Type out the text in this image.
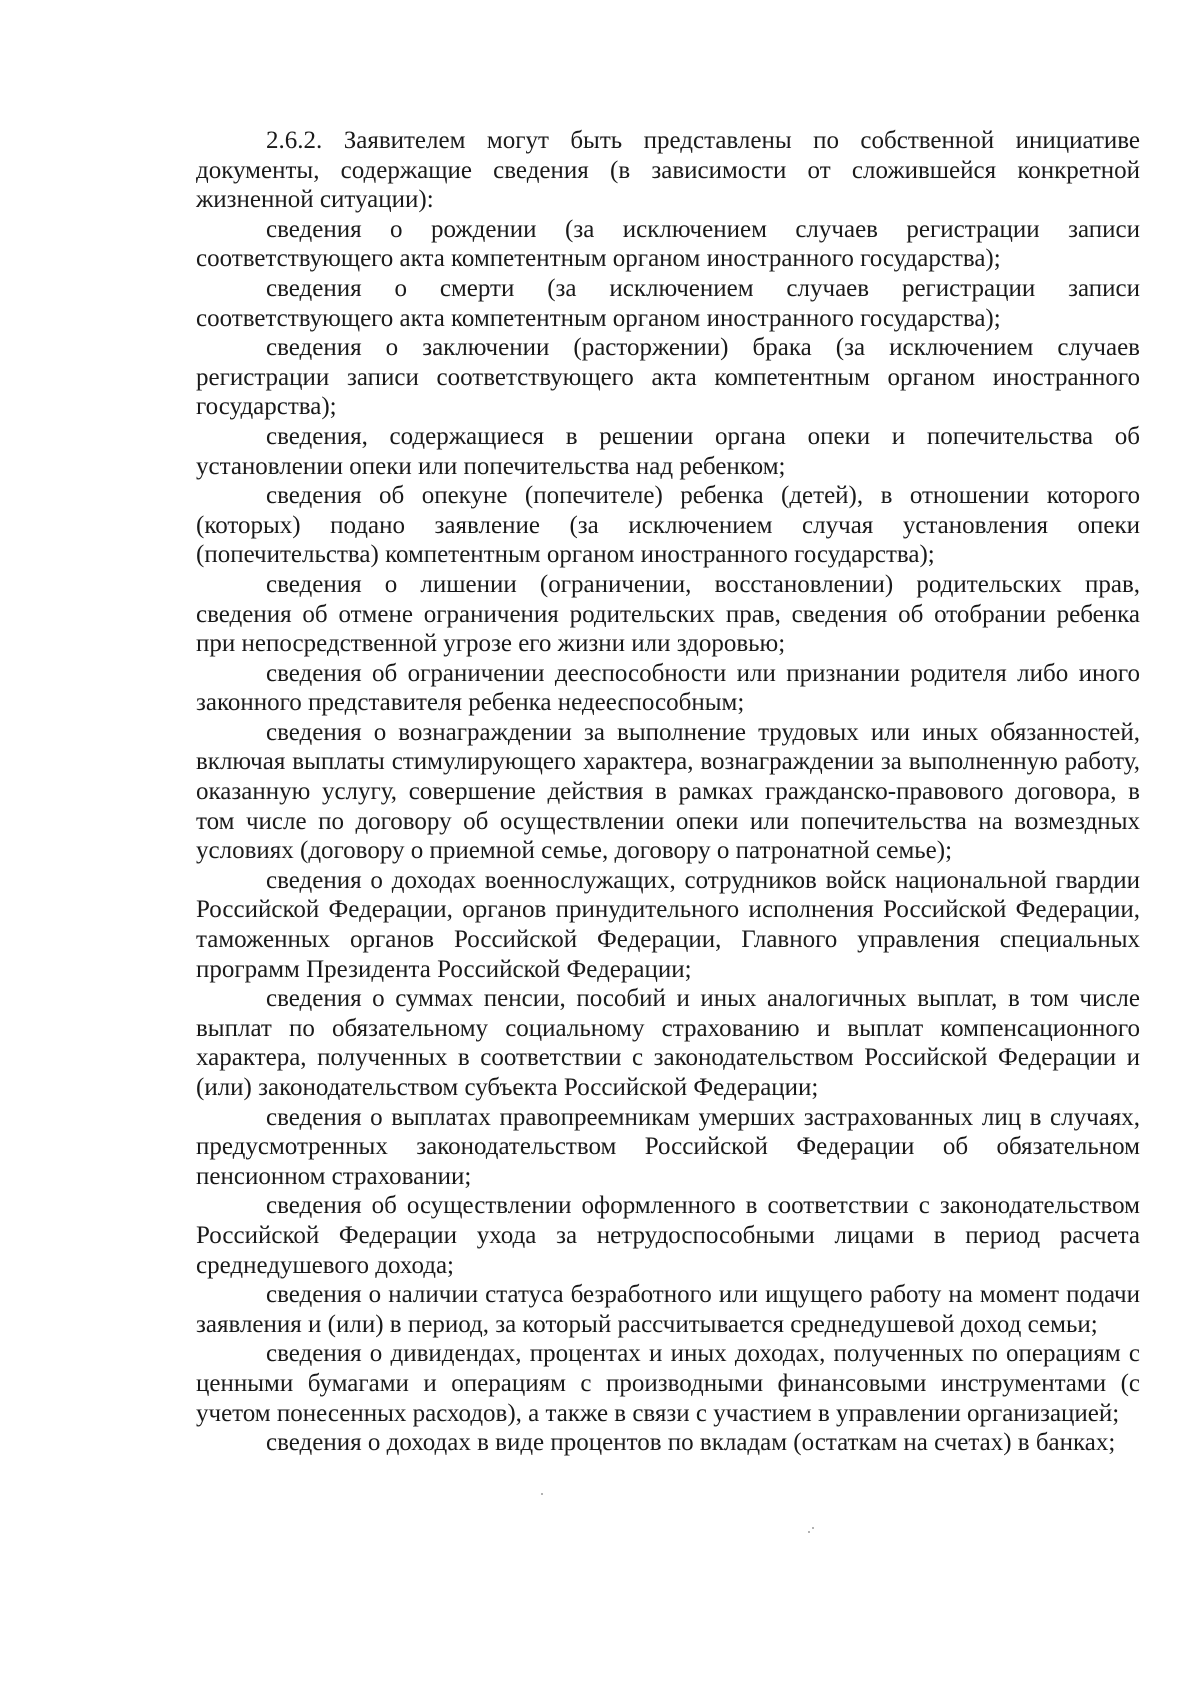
2.6.2. Заявителем могут быть представлены по собственной инициативе документы, содержащие сведения (в зависимости от сложившейся конкретной жизненной ситуации):

сведения о рождении (за исключением случаев регистрации записи соответствующего акта компетентным органом иностранного государства);

сведения о смерти (за исключением случаев регистрации записи соответствующего акта компетентным органом иностранного государства);

сведения о заключении (расторжении) брака (за исключением случаев регистрации записи соответствующего акта компетентным органом иностранного государства);

сведения, содержащиеся в решении органа опеки и попечительства об установлении опеки или попечительства над ребенком;

сведения об опекуне (попечителе) ребенка (детей), в отношении которого (которых) подано заявление (за исключением случая установления опеки (попечительства) компетентным органом иностранного государства);

сведения о лишении (ограничении, восстановлении) родительских прав, сведения об отмене ограничения родительских прав, сведения об отобрании ребенка при непосредственной угрозе его жизни или здоровью;

сведения об ограничении дееспособности или признании родителя либо иного законного представителя ребенка недееспособным;

сведения о вознаграждении за выполнение трудовых или иных обязанностей, включая выплаты стимулирующего характера, вознаграждении за выполненную работу, оказанную услугу, совершение действия в рамках гражданско-правового договора, в том числе по договору об осуществлении опеки или попечительства на возмездных условиях (договору о приемной семье, договору о патронатной семье);

сведения о доходах военнослужащих, сотрудников войск национальной гвардии Российской Федерации, органов принудительного исполнения Российской Федерации, таможенных органов Российской Федерации, Главного управления специальных программ Президента Российской Федерации;

сведения о суммах пенсии, пособий и иных аналогичных выплат, в том числе выплат по обязательному социальному страхованию и выплат компенсационного характера, полученных в соответствии с законодательством Российской Федерации и (или) законодательством субъекта Российской Федерации;

сведения о выплатах правопреемникам умерших застрахованных лиц в случаях, предусмотренных законодательством Российской Федерации об обязательном пенсионном страховании;

сведения об осуществлении оформленного в соответствии с законодательством Российской Федерации ухода за нетрудоспособными лицами в период расчета среднедушевого дохода;

сведения о наличии статуса безработного или ищущего работу на момент подачи заявления и (или) в период, за который рассчитывается среднедушевой доход семьи;

сведения о дивидендах, процентах и иных доходах, полученных по операциям с ценными бумагами и операциям с производными финансовыми инструментами (с учетом понесенных расходов), а также в связи с участием в управлении организацией;

сведения о доходах в виде процентов по вкладам (остаткам на счетах) в банках;
